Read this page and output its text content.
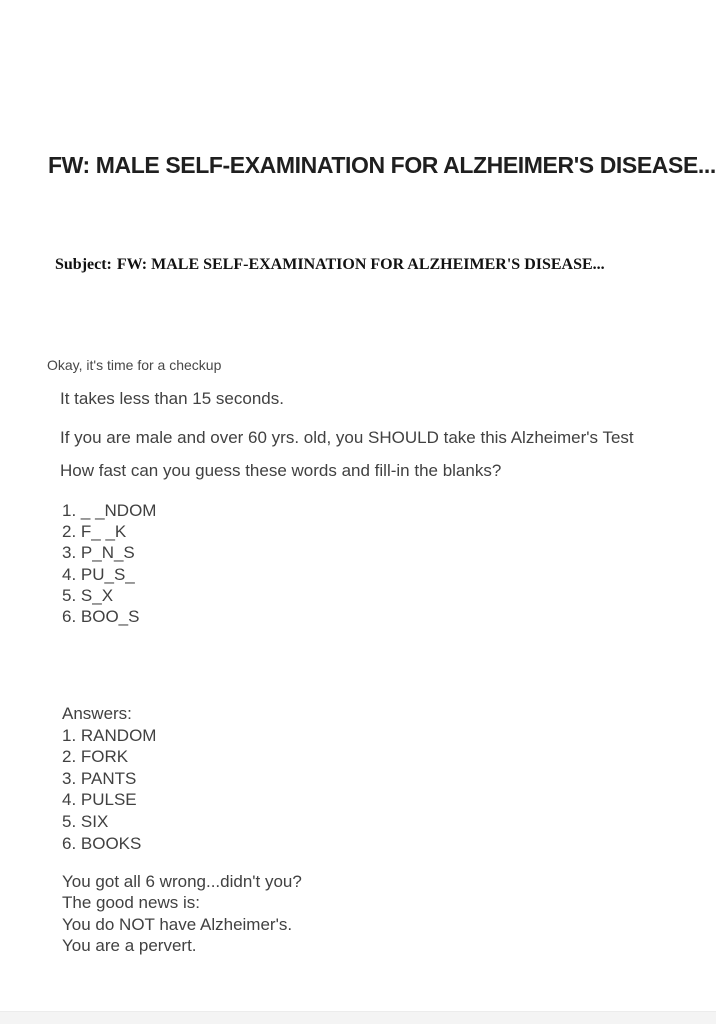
FW: MALE SELF-EXAMINATION FOR ALZHEIMER'S DISEASE...

Subject: FW: MALE SELF-EXAMINATION FOR ALZHEIMER'S DISEASE...

Okay, it's time for a checkup

It takes less than 15 seconds.

If you are male and over 60 yrs. old, you SHOULD take this Alzheimer's Test

How fast can you guess these words and fill-in the blanks?

1. _ _NDOM
2. F_ _K
3. P_N_S
4. PU_S_
5. S_X
6. BOO_S
Answers:
1. RANDOM
2. FORK
3. PANTS
4. PULSE
5. SIX
6. BOOKS
You got all 6 wrong...didn't you?
The good news is:
You do NOT have Alzheimer's.
You are a pervert.
